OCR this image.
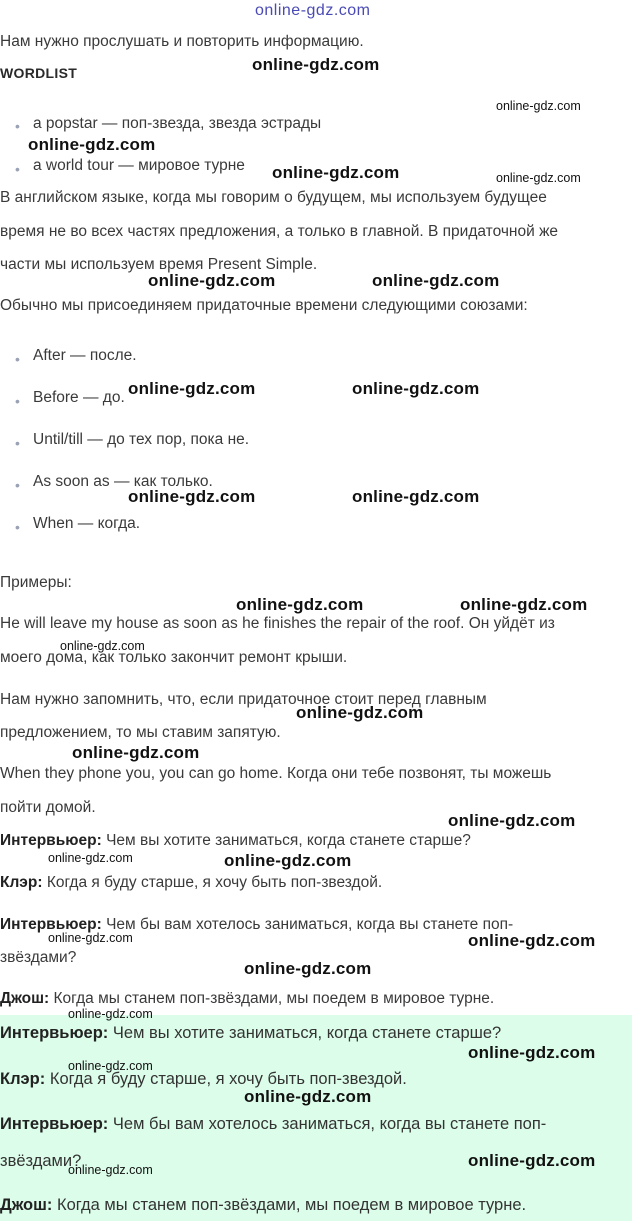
Нам нужно прослушать и повторить информацию.
WORDLIST
• a popstar — поп-звезда, звезда эстрады
• a world tour — мировое турне
В английском языке, когда мы говорим о будущем, мы используем будущее
время не во всех частях предложения, а только в главной. В придаточной же
части мы используем время Present Simple.
Обычно мы присоединяем придаточные времени следующими союзами:
• After — после.
• Before — до.
• Until/till — до тех пор, пока не.
• As soon as — как только.
• When — когда.
Примеры:
He will leave my house as soon as he finishes the repair of the roof. Он уйдёт из
моего дома, как только закончит ремонт крыши.
Нам нужно запомнить, что, если придаточное стоит перед главным
предложением, то мы ставим запятую.
When they phone you, you can go home. Когда они тебе позвонят, ты можешь
пойти домой.
Интервьюер: Чем вы хотите заниматься, когда станете старше?
Клэр: Когда я буду старше, я хочу быть поп-звездой.
Интервьюер: Чем бы вам хотелось заниматься, когда вы станете поп-
звёздами?
Джош: Когда мы станем поп-звёздами, мы поедем в мировое турне.
Интервьюер: Чем вы хотите заниматься, когда станете старше?
Клэр: Когда я буду старше, я хочу быть поп-звездой.
Интервьюер: Чем бы вам хотелось заниматься, когда вы станете поп-
звёздами?
Джош: Когда мы станем поп-звёздами, мы поедем в мировое турне.
online-gdz.com
online-gdz.com
online-gdz.com
online-gdz.com
online-gdz.com	online-gdz.com
online-gdz.com	online-gdz.com
online-gdz.com	online-gdz.com
online-gdz.com	online-gdz.com
online-gdz.com	online-gdz.com
online-gdz.com
online-gdz.com
online-gdz.com
online-gdz.com
online-gdz.com	online-gdz.com
online-gdz.com	online-gdz.com
online-gdz.com
online-gdz.com
online-gdz.com
online-gdz.com
online-gdz.com
online-gdz.com
online-gdz.com
